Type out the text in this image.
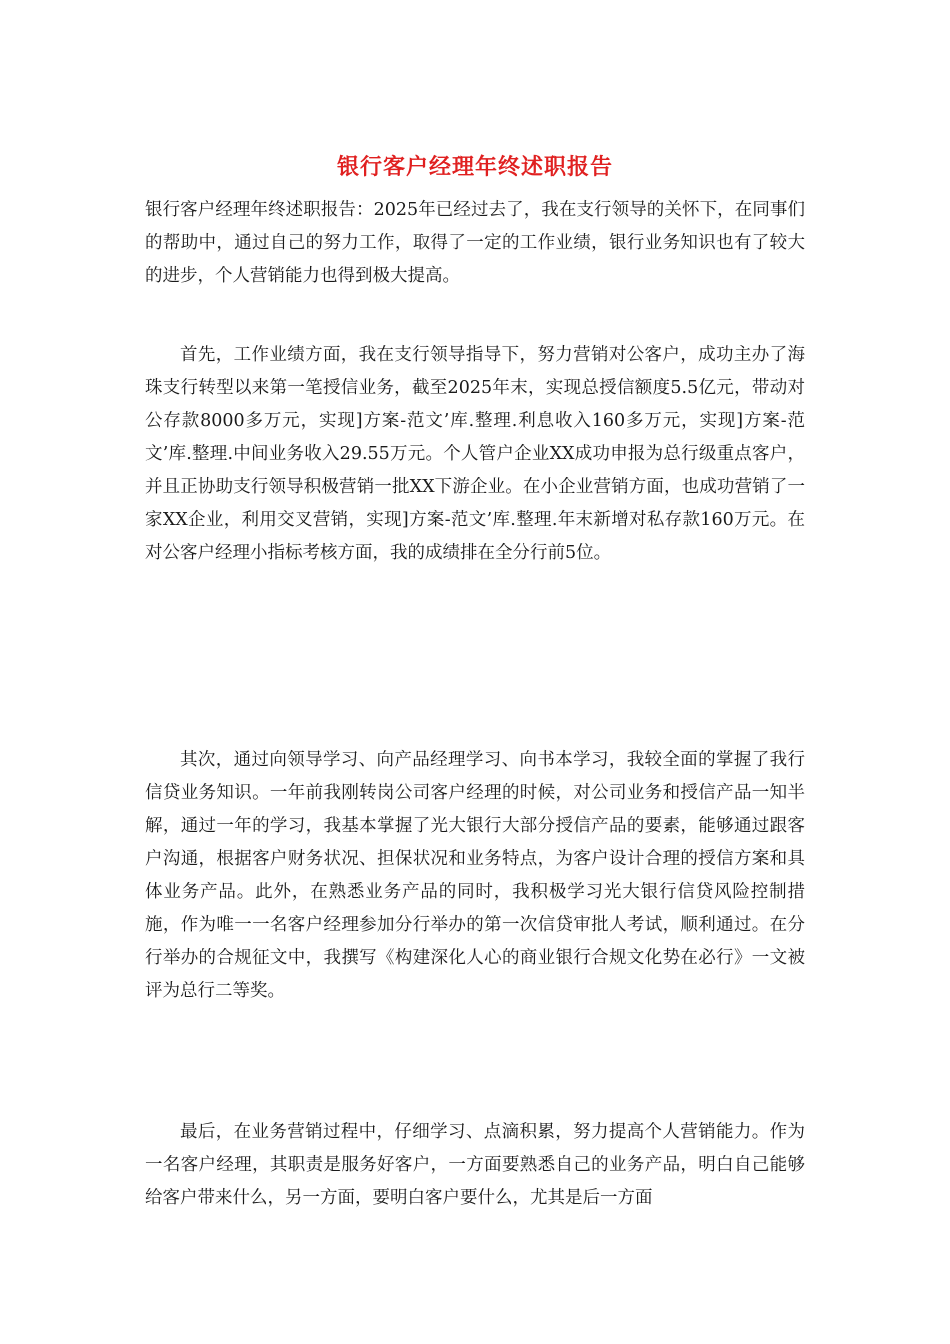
银行客户经理年终述职报告

银行客户经理年终述职报告：2025年已经过去了，我在支行领导的关怀下，在同事们的帮助中，通过自己的努力工作，取得了一定的工作业绩，银行业务知识也有了较大的进步，个人营销能力也得到极大提高。

首先，工作业绩方面，我在支行领导指导下，努力营销对公客户，成功主办了海珠支行转型以来第一笔授信业务，截至2025年末，实现总授信额度5.5亿元，带动对公存款8000多万元，实现]方案-范文’库.整理.利息收入160多万元，实现]方案-范文’库.整理.中间业务收入29.55万元。个人管户企业XX成功申报为总行级重点客户，并且正协助支行领导积极营销一批XX下游企业。在小企业营销方面，也成功营销了一家XX企业，利用交叉营销，实现]方案-范文’库.整理.年末新增对私存款160万元。在对公客户经理小指标考核方面，我的成绩排在全分行前5位。

其次，通过向领导学习、向产品经理学习、向书本学习，我较全面的掌握了我行信贷业务知识。一年前我刚转岗公司客户经理的时候，对公司业务和授信产品一知半解，通过一年的学习，我基本掌握了光大银行大部分授信产品的要素，能够通过跟客户沟通，根据客户财务状况、担保状况和业务特点，为客户设计合理的授信方案和具体业务产品。此外，在熟悉业务产品的同时，我积极学习光大银行信贷风险控制措施，作为唯一一名客户经理参加分行举办的第一次信贷审批人考试，顺利通过。在分行举办的合规征文中，我撰写《构建深化人心的商业银行合规文化势在必行》一文被评为总行二等奖。

最后，在业务营销过程中，仔细学习、点滴积累，努力提高个人营销能力。作为一名客户经理，其职责是服务好客户，一方面要熟悉自己的业务产品，明白自己能够给客户带来什么，另一方面，要明白客户要什么，尤其是后一方面
